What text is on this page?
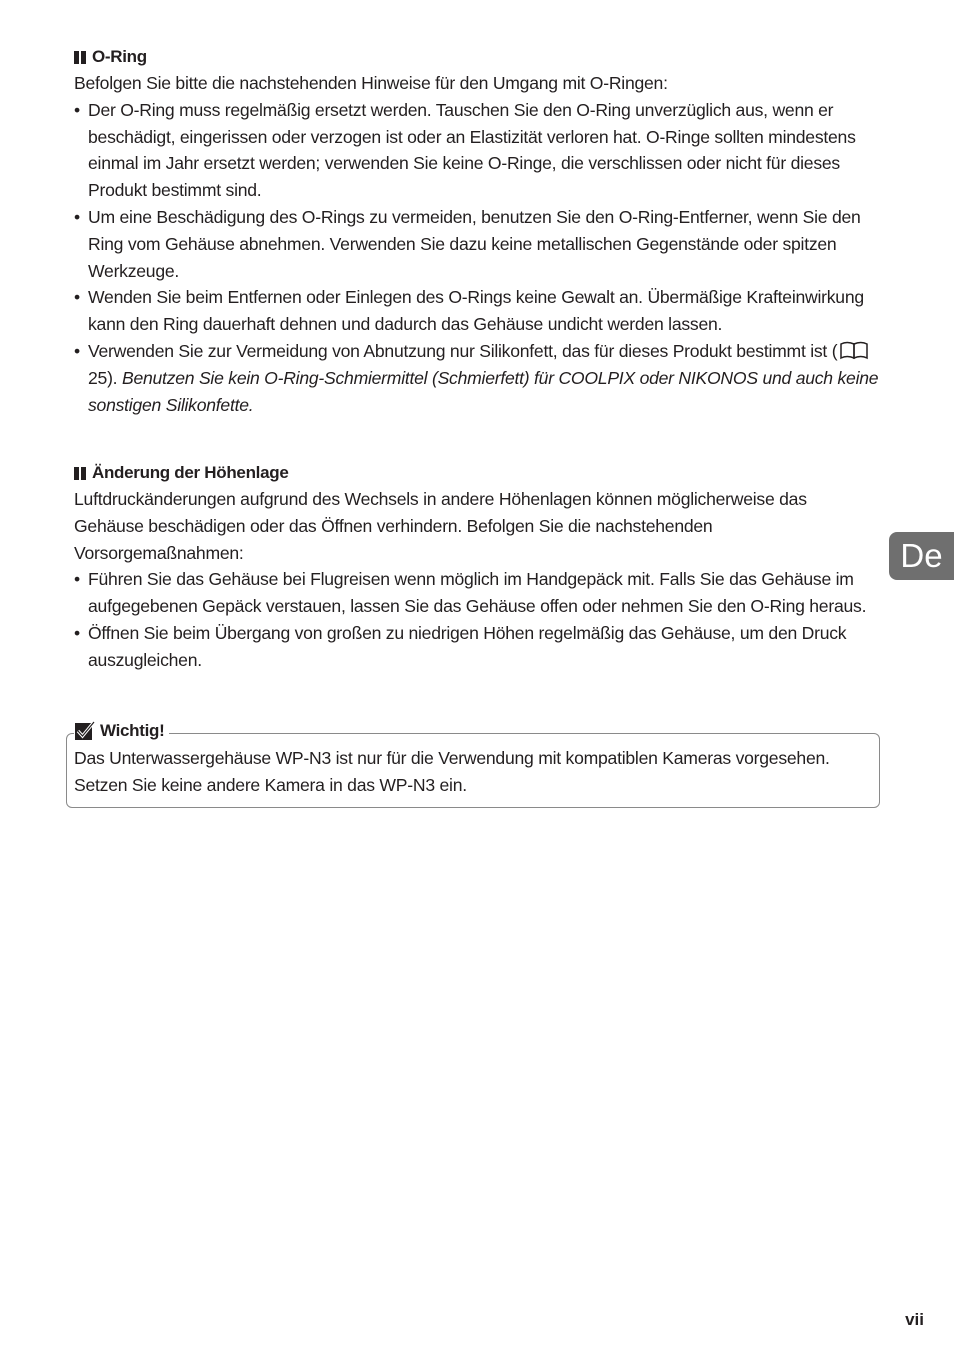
O-Ring

Befolgen Sie bitte die nachstehenden Hinweise für den Umgang mit O-Ringen:

• Der O-Ring muss regelmäßig ersetzt werden. Tauschen Sie den O-Ring unverzüglich aus, wenn er beschädigt, eingerissen oder verzogen ist oder an Elastizität verloren hat. O-Ringe sollten mindestens einmal im Jahr ersetzt werden; verwenden Sie keine O-Ringe, die verschlissen oder nicht für dieses Produkt bestimmt sind.
• Um eine Beschädigung des O-Rings zu vermeiden, benutzen Sie den O-Ring-Entferner, wenn Sie den Ring vom Gehäuse abnehmen. Verwenden Sie dazu keine metallischen Gegenstände oder spitzen Werkzeuge.
• Wenden Sie beim Entfernen oder Einlegen des O-Rings keine Gewalt an. Übermäßige Krafteinwirkung kann den Ring dauerhaft dehnen und dadurch das Gehäuse undicht werden lassen.
• Verwenden Sie zur Vermeidung von Abnutzung nur Silikonfett, das für dieses Produkt bestimmt ist (25). Benutzen Sie kein O-Ring-Schmiermittel (Schmierfett) für COOLPIX oder NIKONOS und auch keine sonstigen Silikonfette.
Änderung der Höhenlage

Luftdruckänderungen aufgrund des Wechsels in andere Höhenlagen können möglicherweise das Gehäuse beschädigen oder das Öffnen verhindern. Befolgen Sie die nachstehenden Vorsorgemaßnahmen:

• Führen Sie das Gehäuse bei Flugreisen wenn möglich im Handgepäck mit. Falls Sie das Gehäuse im aufgegebenen Gepäck verstauen, lassen Sie das Gehäuse offen oder nehmen Sie den O-Ring heraus.
• Öffnen Sie beim Übergang von großen zu niedrigen Höhen regelmäßig das Gehäuse, um den Druck auszugleichen.
Wichtig!

Das Unterwassergehäuse WP-N3 ist nur für die Verwendung mit kompatiblen Kameras vorgesehen. Setzen Sie keine andere Kamera in das WP-N3 ein.

De
vii
